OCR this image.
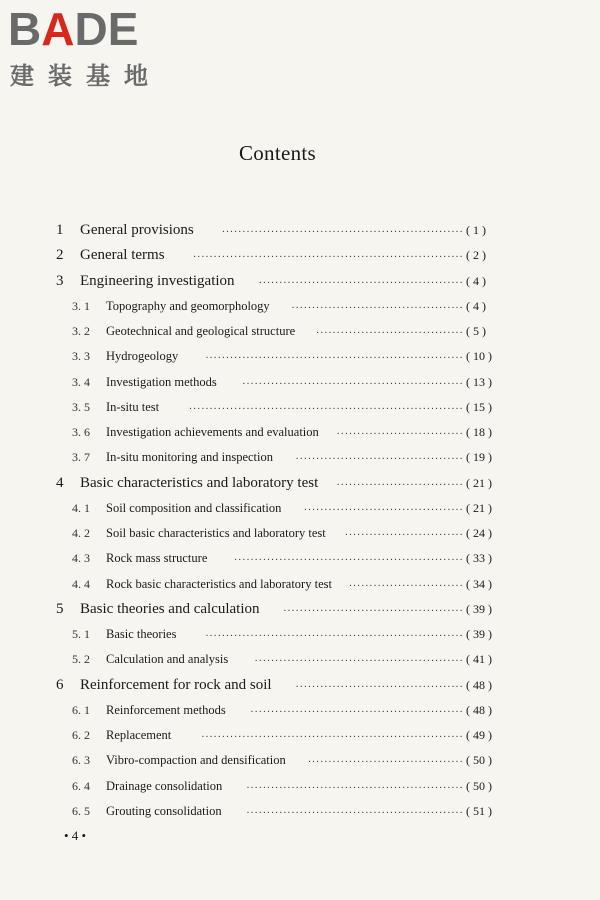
BADE
建装基地
Contents
1 General provisions	........................................................... ( 1 )
2 General terms	.................................................................. ( 2 )
3 Engineering investigation	.................................................. ( 4 )
3. 1 Topography and geomorphology	.......................................... ( 4 )
3. 2 Geotechnical and geological structure	.................................... ( 5 )
3. 3 Hydrogeology	............................................................... ( 10 )
3. 4 Investigation methods	...................................................... ( 13 )
3. 5 In-situ test	................................................................... ( 15 )
3. 6 Investigation achievements and evaluation	............................... ( 18 )
3. 7 In-situ monitoring and inspection	......................................... ( 19 )
4 Basic characteristics and laboratory test	............................... ( 21 )
4. 1 Soil composition and classification	....................................... ( 21 )
4. 2 Soil basic characteristics and laboratory test	............................. ( 24 )
4. 3 Rock mass structure	........................................................ ( 33 )
4. 4 Rock basic characteristics and laboratory test	............................ ( 34 )
5 Basic theories and calculation	............................................ ( 39 )
5. 1 Basic theories	............................................................... ( 39 )
5. 2 Calculation and analysis	................................................... ( 41 )
6 Reinforcement for rock and soil	......................................... ( 48 )
6. 1 Reinforcement methods	.................................................... ( 48 )
6. 2 Replacement	................................................................ ( 49 )
6. 3 Vibro-compaction and densification	...................................... ( 50 )
6. 4 Drainage consolidation	..................................................... ( 50 )
6. 5 Grouting consolidation	..................................................... ( 51 )
• 4 •
